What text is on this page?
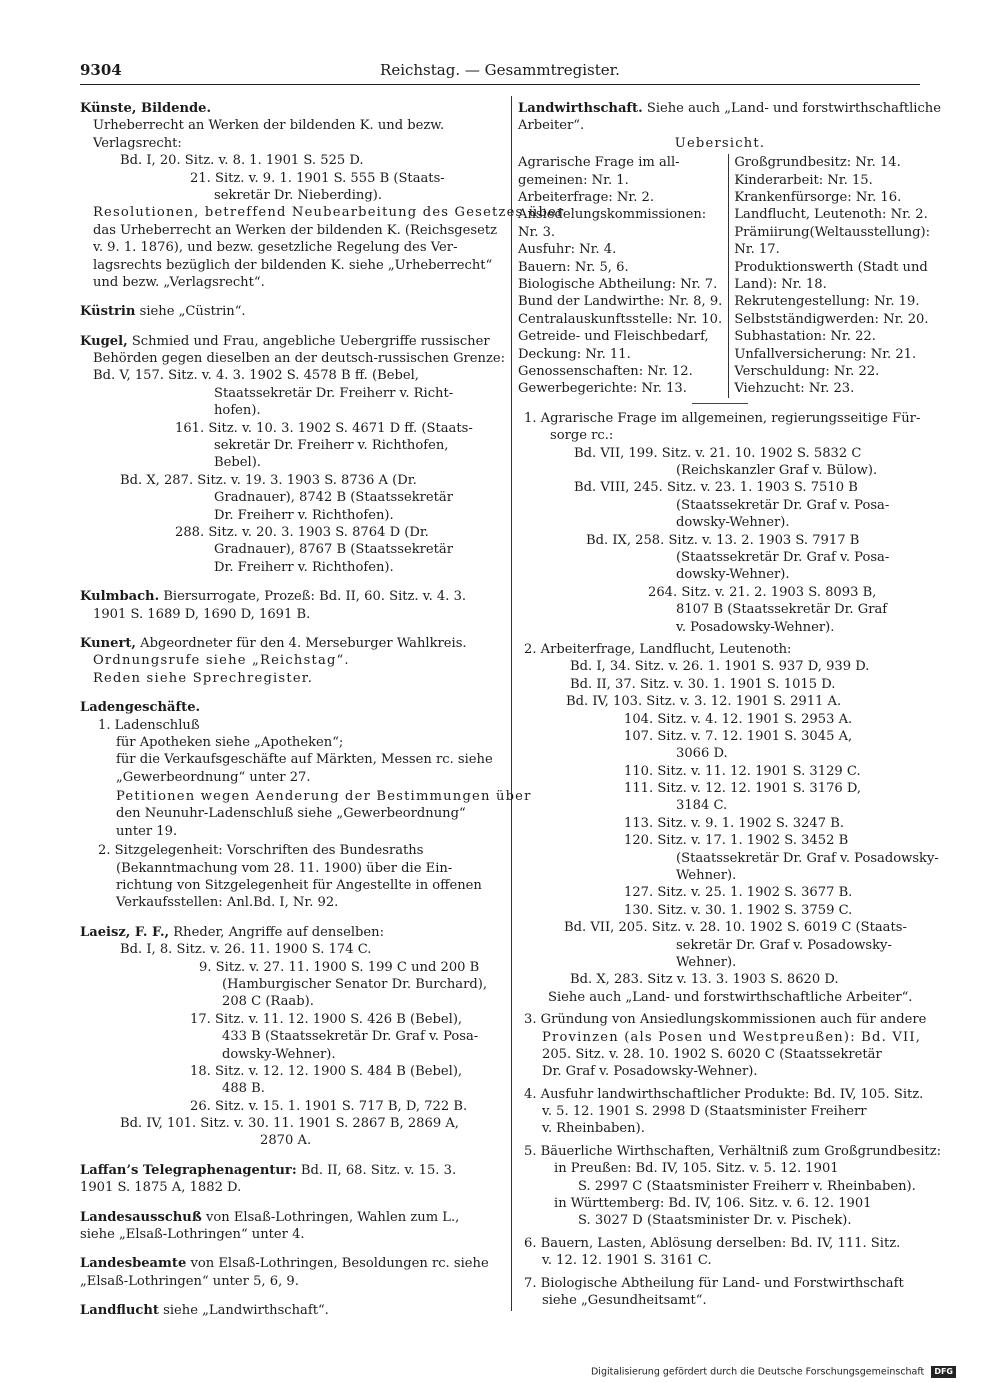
9304	Reichstag. — Gesammtregister.
Künste, Bildende.
Urheberrecht an Werken der bildenden K. und bezw.
Verlagsrecht:
Bd. I, 20. Sitz. v. 8. 1. 1901 S. 525 D.
21. Sitz. v. 9. 1. 1901 S. 555 B (Staats-
sekretär Dr. Nieberding).
Resolutionen, betreffend Neubearbeitung des Gesetzes über
das Urheberrecht an Werken der bildenden K. (Reichsgesetz
v. 9. 1. 1876), und bezw. gesetzliche Regelung des Ver-
lagsrechts bezüglich der bildenden K. siehe „Urheberrecht“
und bezw. „Verlagsrecht“.
Küstrin siehe „Cüstrin“.
Kugel, Schmied und Frau, angebliche Uebergriffe russischer
Behörden gegen dieselben an der deutsch-russischen Grenze:
Bd. V, 157. Sitz. v. 4. 3. 1902 S. 4578 B ff. (Bebel,
Staatssekretär Dr. Freiherr v. Richt-
hofen).
161. Sitz. v. 10. 3. 1902 S. 4671 D ff. (Staats-
sekretär Dr. Freiherr v. Richthofen,
Bebel).
Bd. X, 287. Sitz. v. 19. 3. 1903 S. 8736 A (Dr.
Gradnauer), 8742 B (Staatssekretär
Dr. Freiherr v. Richthofen).
288. Sitz. v. 20. 3. 1903 S. 8764 D (Dr.
Gradnauer), 8767 B (Staatssekretär
Dr. Freiherr v. Richthofen).
Kulmbach. Biersurrogate, Prozeß: Bd. II, 60. Sitz. v. 4. 3.
1901 S. 1689 D, 1690 D, 1691 B.
Kunert, Abgeordneter für den 4. Merseburger Wahlkreis.
Ordnungsrufe siehe „Reichstag“.
Reden siehe Sprechregister.
Ladengeschäfte.
1. Ladenschluß
für Apotheken siehe „Apotheken“;
für die Verkaufsgeschäfte auf Märkten, Messen rc. siehe
„Gewerbeordnung“ unter 27.
Petitionen wegen Aenderung der Bestimmungen über
den Neunuhr-Ladenschluß siehe „Gewerbeordnung“
unter 19.
2. Sitzgelegenheit: Vorschriften des Bundesraths
(Bekanntmachung vom 28. 11. 1900) über die Ein-
richtung von Sitzgelegenheit für Angestellte in offenen
Verkaufsstellen: Anl.Bd. I, Nr. 92.
Laeisz, F. F., Rheder, Angriffe auf denselben:
Bd. I, 8. Sitz. v. 26. 11. 1900 S. 174 C.
9. Sitz. v. 27. 11. 1900 S. 199 C und 200 B
(Hamburgischer Senator Dr. Burchard),
208 C (Raab).
17. Sitz. v. 11. 12. 1900 S. 426 B (Bebel),
433 B (Staatssekretär Dr. Graf v. Posa-
dowsky-Wehner).
18. Sitz. v. 12. 12. 1900 S. 484 B (Bebel),
488 B.
26. Sitz. v. 15. 1. 1901 S. 717 B, D, 722 B.
Bd. IV, 101. Sitz. v. 30. 11. 1901 S. 2867 B, 2869 A,
2870 A.
Laffan’s Telegraphenagentur: Bd. II, 68. Sitz. v. 15. 3.
1901 S. 1875 A, 1882 D.
Landesausschuß von Elsaß-Lothringen, Wahlen zum L.,
siehe „Elsaß-Lothringen“ unter 4.
Landesbeamte von Elsaß-Lothringen, Besoldungen rc. siehe
„Elsaß-Lothringen“ unter 5, 6, 9.
Landflucht siehe „Landwirthschaft“.
Landwirthschaft. Siehe auch „Land- und forstwirthschaftliche
Arbeiter“.
Uebersicht.
Agrarische Frage im all-	Großgrundbesitz: Nr. 14.
gemeinen: Nr. 1.	Kinderarbeit: Nr. 15.
Arbeiterfrage: Nr. 2.	Krankenfürsorge: Nr. 16.
Ansiedelungskommissionen:	Landflucht, Leutenoth: Nr. 2.
Nr. 3.	Prämiirung(Weltausstellung):
Ausfuhr: Nr. 4.	Nr. 17.
Bauern: Nr. 5, 6.	Produktionswerth (Stadt und
Biologische Abtheilung: Nr. 7.	Land): Nr. 18.
Bund der Landwirthe: Nr. 8, 9.	Rekrutengestellung: Nr. 19.
Centralauskunftsstelle: Nr. 10.	Selbstständigwerden: Nr. 20.
Getreide- und Fleischbedarf,	Subhastation: Nr. 22.
Deckung: Nr. 11.	Unfallversicherung: Nr. 21.
Genossenschaften: Nr. 12.	Verschuldung: Nr. 22.
Gewerbegerichte: Nr. 13.	Viehzucht: Nr. 23.
1. Agrarische Frage im allgemeinen, regierungsseitige Für-
sorge rc.:
Bd. VII, 199. Sitz. v. 21. 10. 1902 S. 5832 C
(Reichskanzler Graf v. Bülow).
Bd. VIII, 245. Sitz. v. 23. 1. 1903 S. 7510 B
(Staatssekretär Dr. Graf v. Posa-
dowsky-Wehner).
Bd. IX, 258. Sitz. v. 13. 2. 1903 S. 7917 B
(Staatssekretär Dr. Graf v. Posa-
dowsky-Wehner).
264. Sitz. v. 21. 2. 1903 S. 8093 B,
8107 B (Staatssekretär Dr. Graf
v. Posadowsky-Wehner).
2. Arbeiterfrage, Landflucht, Leutenoth:
Bd. I, 34. Sitz. v. 26. 1. 1901 S. 937 D, 939 D.
Bd. II, 37. Sitz. v. 30. 1. 1901 S. 1015 D.
Bd. IV, 103. Sitz. v. 3. 12. 1901 S. 2911 A.
104. Sitz. v. 4. 12. 1901 S. 2953 A.
107. Sitz. v. 7. 12. 1901 S. 3045 A,
3066 D.
110. Sitz. v. 11. 12. 1901 S. 3129 C.
111. Sitz. v. 12. 12. 1901 S. 3176 D,
3184 C.
113. Sitz. v. 9. 1. 1902 S. 3247 B.
120. Sitz. v. 17. 1. 1902 S. 3452 B
(Staatssekretär Dr. Graf v. Posadowsky-
Wehner).
127. Sitz. v. 25. 1. 1902 S. 3677 B.
130. Sitz. v. 30. 1. 1902 S. 3759 C.
Bd. VII, 205. Sitz. v. 28. 10. 1902 S. 6019 C (Staats-
sekretär Dr. Graf v. Posadowsky-
Wehner).
Bd. X, 283. Sitz v. 13. 3. 1903 S. 8620 D.
Siehe auch „Land- und forstwirthschaftliche Arbeiter“.
3. Gründung von Ansiedlungskommissionen auch für andere
Provinzen (als Posen und Westpreußen): Bd. VII,
205. Sitz. v. 28. 10. 1902 S. 6020 C (Staatssekretär
Dr. Graf v. Posadowsky-Wehner).
4. Ausfuhr landwirthschaftlicher Produkte: Bd. IV, 105. Sitz.
v. 5. 12. 1901 S. 2998 D (Staatsminister Freiherr
v. Rheinbaben).
5. Bäuerliche Wirthschaften, Verhältniß zum Großgrundbesitz:
in Preußen: Bd. IV, 105. Sitz. v. 5. 12. 1901
S. 2997 C (Staatsminister Freiherr v. Rheinbaben).
in Württemberg: Bd. IV, 106. Sitz. v. 6. 12. 1901
S. 3027 D (Staatsminister Dr. v. Pischek).
6. Bauern, Lasten, Ablösung derselben: Bd. IV, 111. Sitz.
v. 12. 12. 1901 S. 3161 C.
7. Biologische Abtheilung für Land- und Forstwirthschaft
siehe „Gesundheitsamt“.
Digitalisierung gefördert durch die Deutsche Forschungsgemeinschaft DFG
